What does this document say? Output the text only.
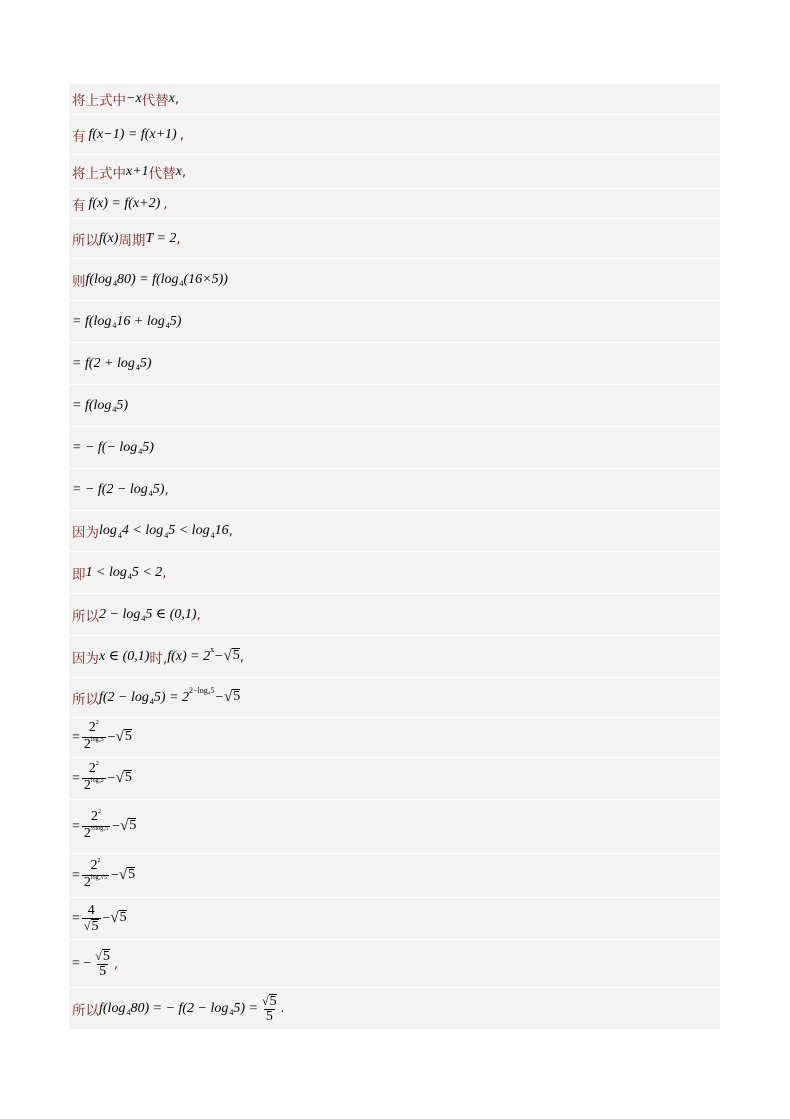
将上式中 −x 代替 x ,
有 f(x−1) = f(x+1) ,
将上式中 x+1 代替 x ,
有 f(x) = f(x+2) ,
所以 f(x) 周期 T = 2 ,
则 f(log 4 80) = f(log 4 (16×5))
= f(log 4 16 + log 4 5)
= f(2 + log 4 5)
= f(log 4 5)
= − f(− log 4 5)
= − f(2 − log 4 5) ,
因为 log 4 4 < log 4 5 < log 4 16 ,
即 1 < log 4 5 < 2 ,
所以 2 − log 4 5 ∈ (0,1) ,
因为 x ∈ (0,1) 时, f(x) = 2 x − √ 5 ,
所以 f(2 − log 4 5) = 2 2−log₄5 − √ 5
= $\frac{2^2}{2^{log_25}}$ − √ 5
= $\frac{2^2}{2^{log_45}}$ − √ 5
= $\frac{2^2}{2^{\frac{1}{2}log_25}}$ − √ 5
= $\frac{2^2}{2^{log_2√5}}$ − √ 5
= $\frac{4}{√ 5}$ − √ 5
= − $\frac{√ 5}{5}$ ,
所以 f(log 4 80) = − f(2 − log 4 $5) = \frac{√ 5}{5}$ .
